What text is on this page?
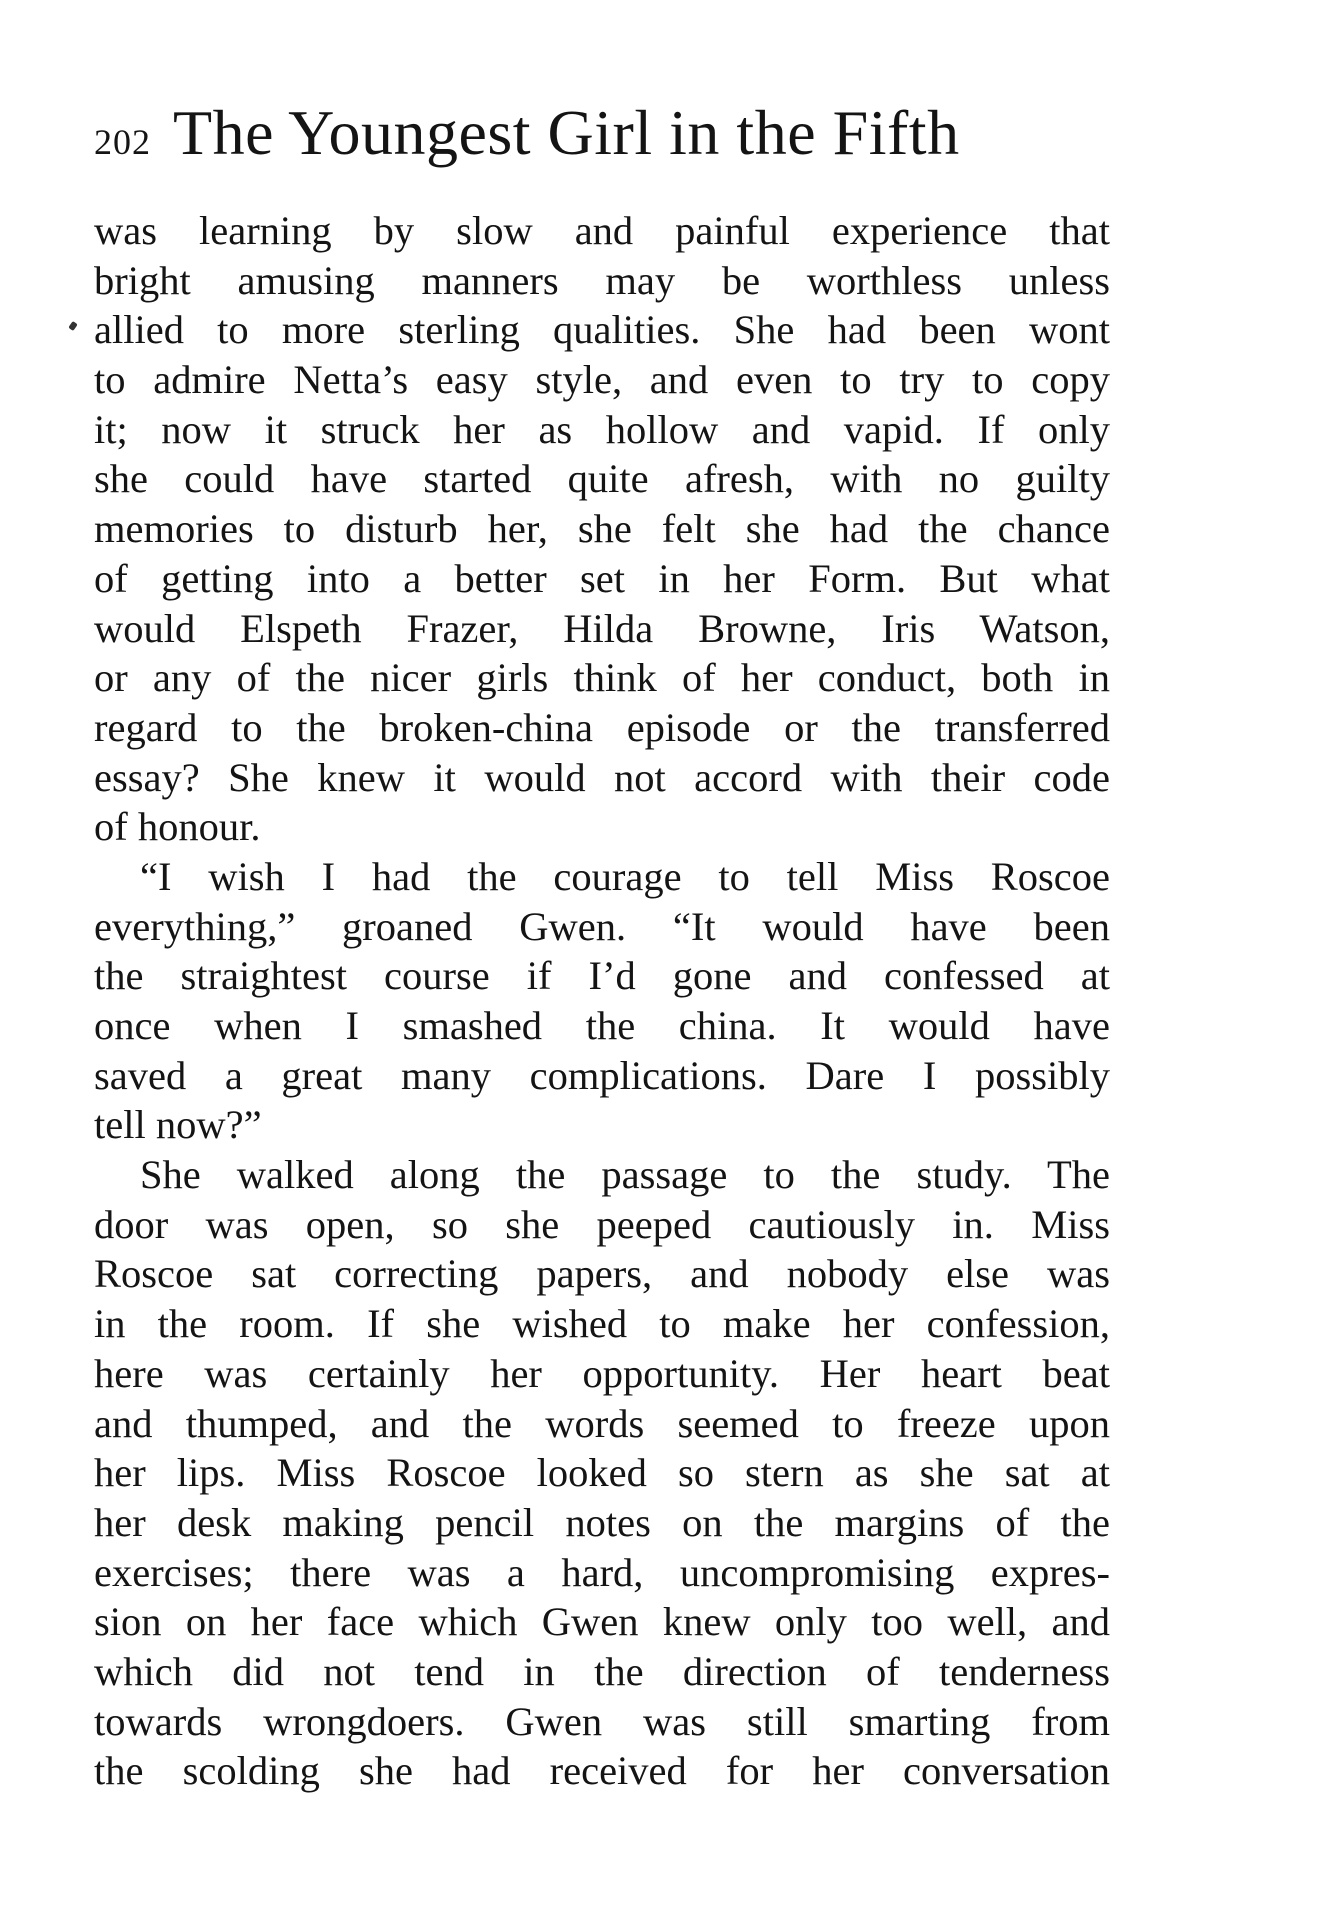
202 The Youngest Girl in the Fifth
was learning by slow and painful experience that
bright amusing manners may be worthless unless
allied to more sterling qualities. She had been wont
to admire Netta’s easy style, and even to try to copy
it; now it struck her as hollow and vapid. If only
she could have started quite afresh, with no guilty
memories to disturb her, she felt she had the chance
of getting into a better set in her Form. But what
would Elspeth Frazer, Hilda Browne, Iris Watson,
or any of the nicer girls think of her conduct, both in
regard to the broken-china episode or the transferred
essay? She knew it would not accord with their code
of honour.
“I wish I had the courage to tell Miss Roscoe
everything,” groaned Gwen. “It would have been
the straightest course if I’d gone and confessed at
once when I smashed the china. It would have
saved a great many complications. Dare I possibly
tell now?”
She walked along the passage to the study. The
door was open, so she peeped cautiously in. Miss
Roscoe sat correcting papers, and nobody else was
in the room. If she wished to make her confession,
here was certainly her opportunity. Her heart beat
and thumped, and the words seemed to freeze upon
her lips. Miss Roscoe looked so stern as she sat at
her desk making pencil notes on the margins of the
exercises; there was a hard, uncompromising expres-
sion on her face which Gwen knew only too well, and
which did not tend in the direction of tenderness
towards wrongdoers. Gwen was still smarting from
the scolding she had received for her conversation
